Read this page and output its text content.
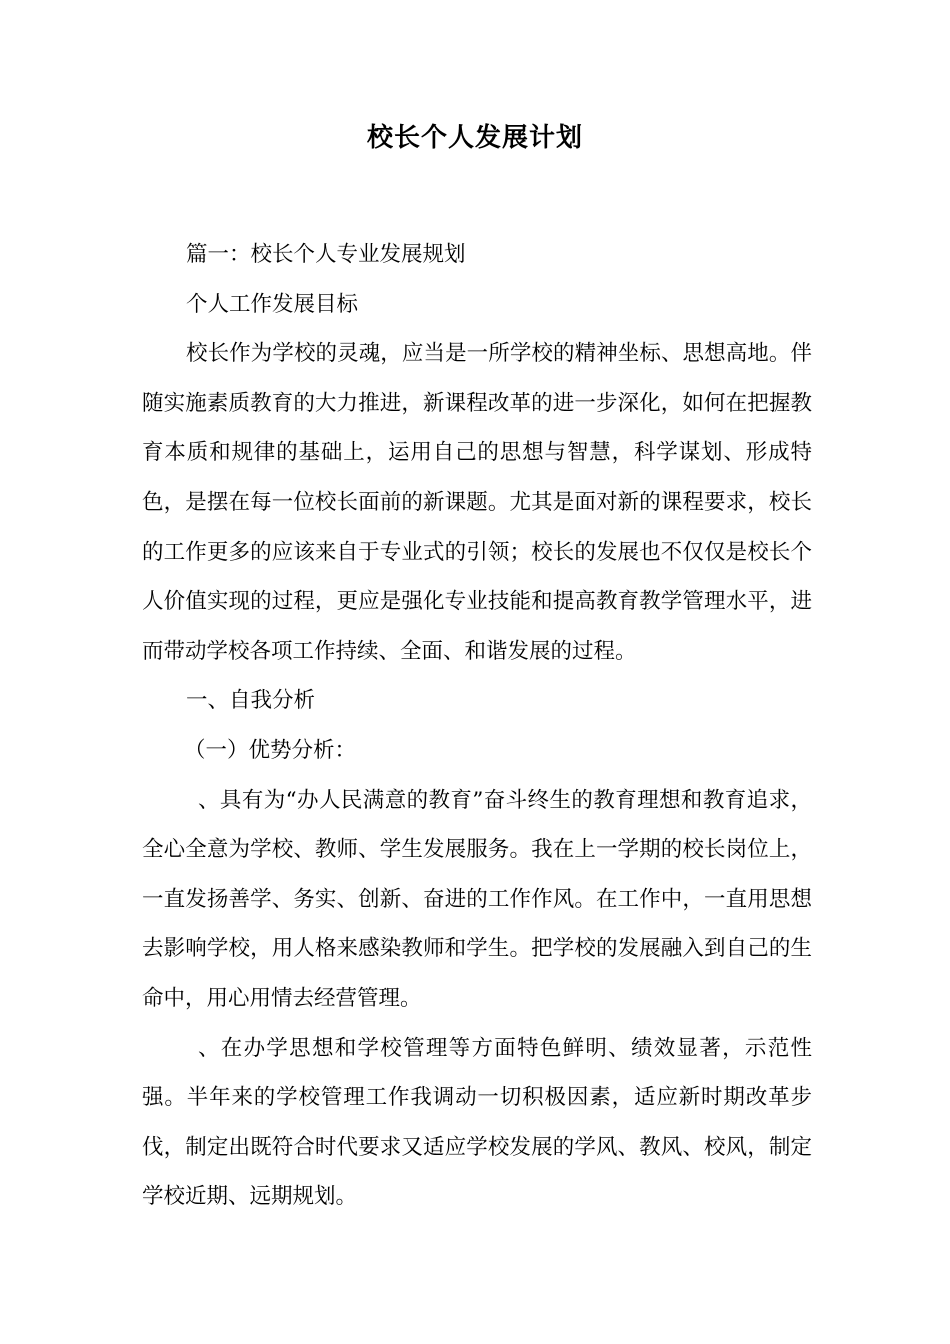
校长个人发展计划

篇一：校长个人专业发展规划

个人工作发展目标

校长作为学校的灵魂，应当是一所学校的精神坐标、思想高地。伴随实施素质教育的大力推进，新课程改革的进一步深化，如何在把握教育本质和规律的基础上，运用自己的思想与智慧，科学谋划、形成特色，是摆在每一位校长面前的新课题。尤其是面对新的课程要求，校长的工作更多的应该来自于专业式的引领；校长的发展也不仅仅是校长个人价值实现的过程，更应是强化专业技能和提高教育教学管理水平，进而带动学校各项工作持续、全面、和谐发展的过程。

一、自我分析

（一）优势分析：

、具有为“办人民满意的教育”奋斗终生的教育理想和教育追求，全心全意为学校、教师、学生发展服务。我在上一学期的校长岗位上，一直发扬善学、务实、创新、奋进的工作作风。在工作中，一直用思想去影响学校，用人格来感染教师和学生。把学校的发展融入到自己的生命中，用心用情去经营管理。

、在办学思想和学校管理等方面特色鲜明、绩效显著，示范性强。半年来的学校管理工作我调动一切积极因素，适应新时期改革步伐，制定出既符合时代要求又适应学校发展的学风、教风、校风，制定学校近期、远期规划。
